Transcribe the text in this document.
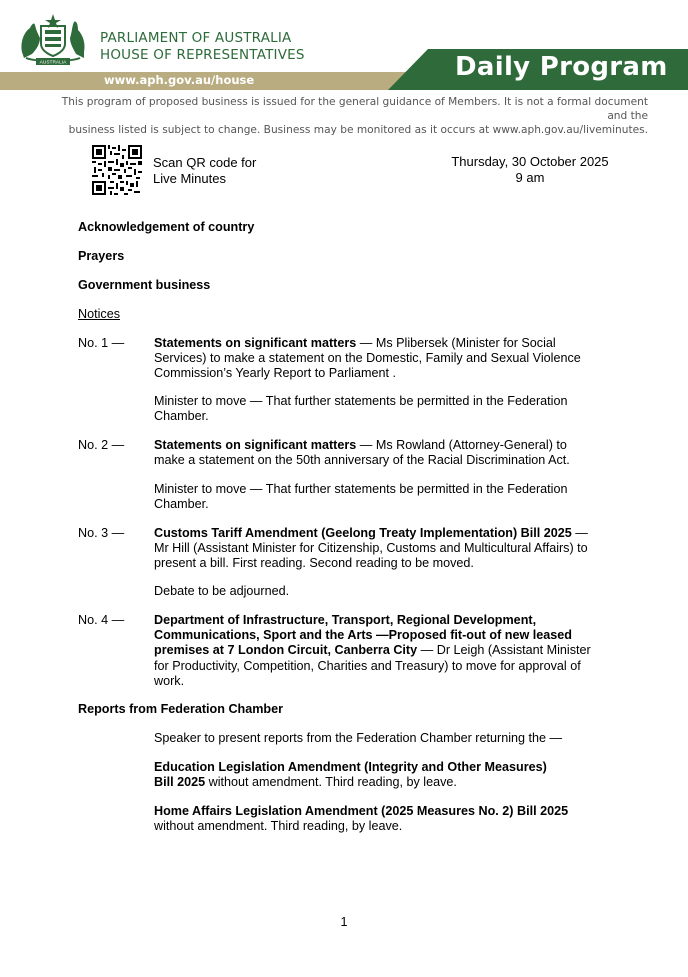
AUSTRALIA
PARLIAMENT OF AUSTRALIA
HOUSE OF REPRESENTATIVES
www.aph.gov.au/house	Daily Program
This program of proposed business is issued for the general guidance of Members. It is not a formal document and the
business listed is subject to change. Business may be monitored as it occurs at www.aph.gov.au/liveminutes.
Scan QR code for
Live Minutes
Thursday, 30 October 2025
9 am
Acknowledgement of country
Prayers
Government business
Notices
No. 1 — Statements on significant matters — Ms Plibersek (Minister for Social
Services) to make a statement on the Domestic, Family and Sexual Violence
Commission’s Yearly Report to Parliament .
Minister to move — That further statements be permitted in the Federation
Chamber.
No. 2 — Statements on significant matters — Ms Rowland (Attorney-General) to
make a statement on the 50th anniversary of the Racial Discrimination Act.
Minister to move — That further statements be permitted in the Federation
Chamber.
No. 3 — Customs Tariff Amendment (Geelong Treaty Implementation) Bill 2025 —
Mr Hill (Assistant Minister for Citizenship, Customs and Multicultural Affairs) to
present a bill. First reading. Second reading to be moved.
Debate to be adjourned.
No. 4 — Department of Infrastructure, Transport, Regional Development,
Communications, Sport and the Arts —Proposed fit-out of new leased
premises at 7 London Circuit, Canberra City — Dr Leigh (Assistant Minister
for Productivity, Competition, Charities and Treasury) to move for approval of
work.
Reports from Federation Chamber
Speaker to present reports from the Federation Chamber returning the —
Education Legislation Amendment (Integrity and Other Measures)
Bill 2025 without amendment. Third reading, by leave.
Home Affairs Legislation Amendment (2025 Measures No. 2) Bill 2025
without amendment. Third reading, by leave.
1
